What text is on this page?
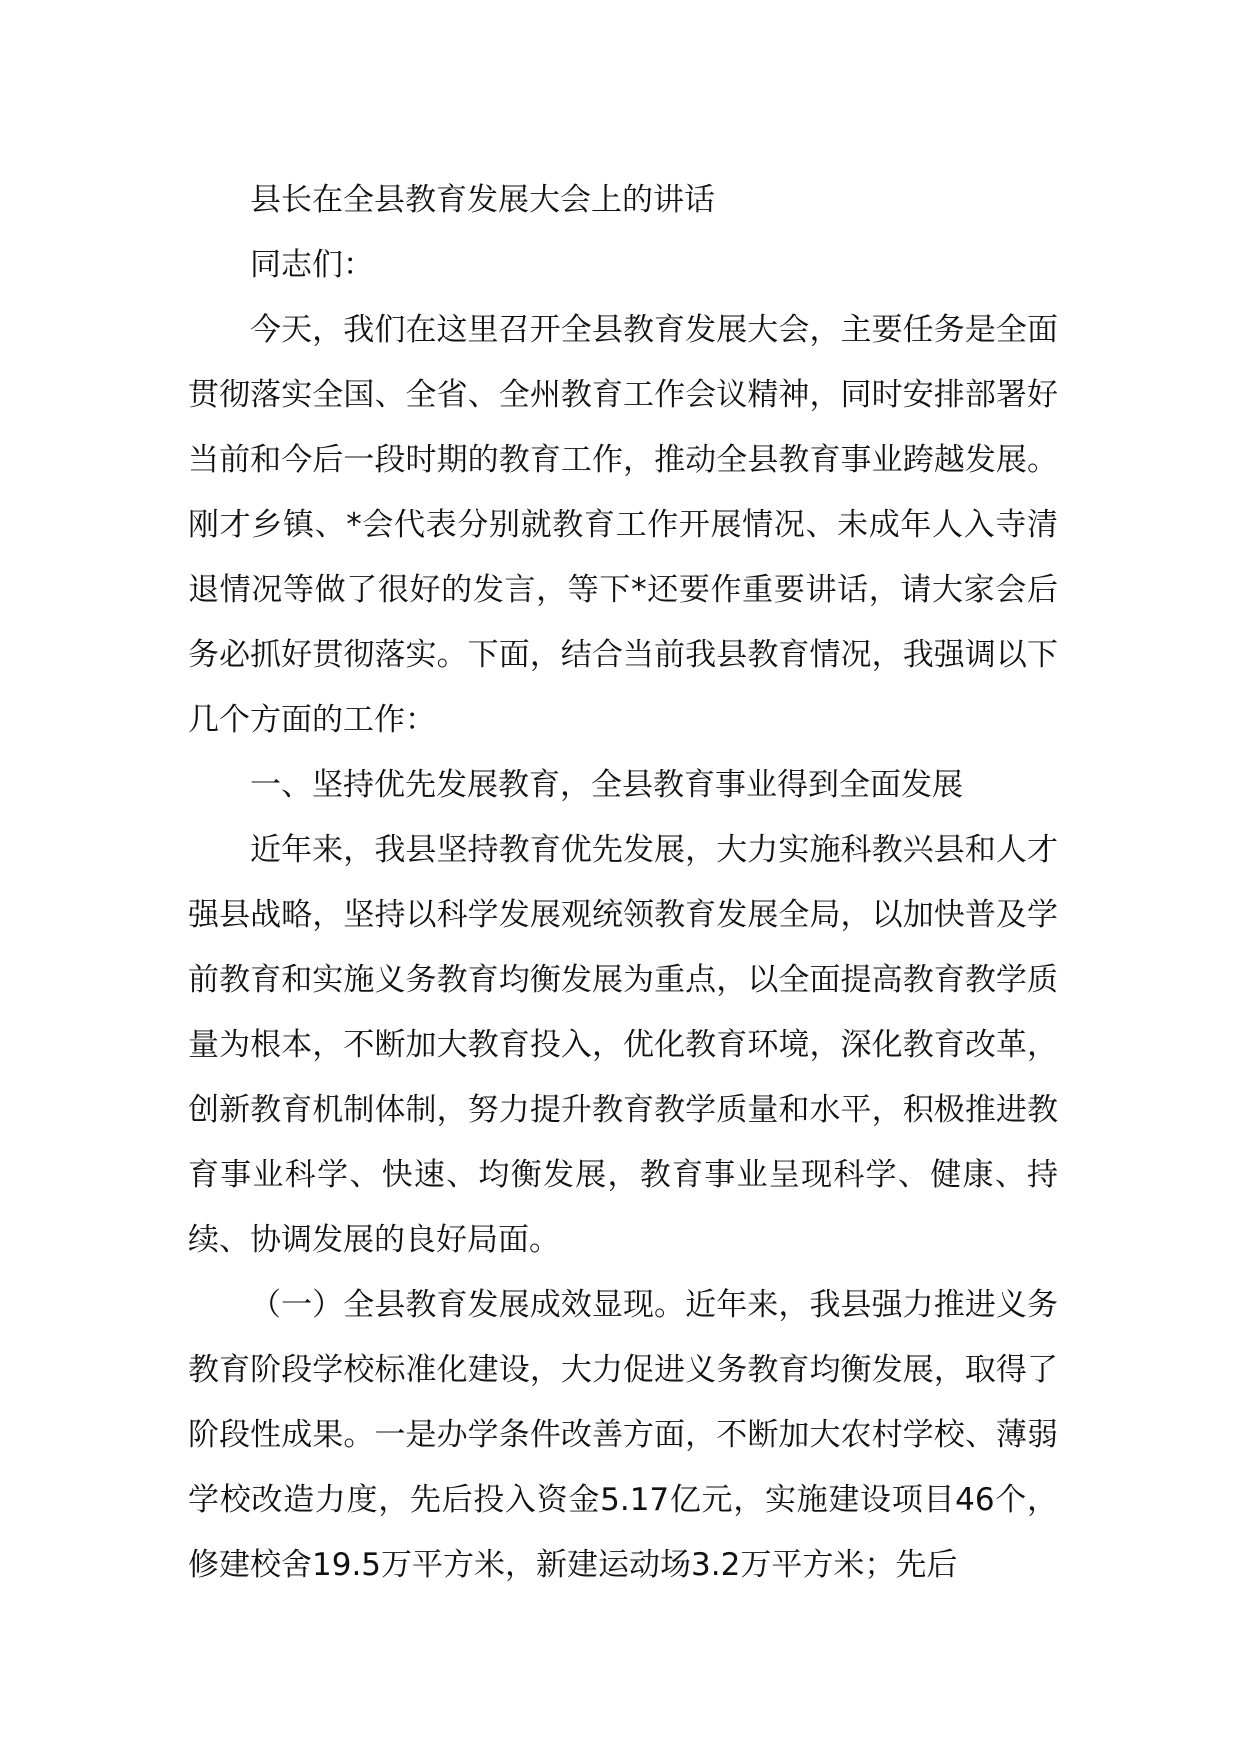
县长在全县教育发展大会上的讲话

同志们：

今天，我们在这里召开全县教育发展大会，主要任务是全面贯彻落实全国、全省、全州教育工作会议精神，同时安排部署好当前和今后一段时期的教育工作，推动全县教育事业跨越发展。刚才乡镇、*会代表分别就教育工作开展情况、未成年人入寺清退情况等做了很好的发言，等下*还要作重要讲话，请大家会后务必抓好贯彻落实。下面，结合当前我县教育情况，我强调以下几个方面的工作：

一、坚持优先发展教育，全县教育事业得到全面发展

近年来，我县坚持教育优先发展，大力实施科教兴县和人才强县战略，坚持以科学发展观统领教育发展全局，以加快普及学前教育和实施义务教育均衡发展为重点，以全面提高教育教学质量为根本，不断加大教育投入，优化教育环境，深化教育改革，创新教育机制体制，努力提升教育教学质量和水平，积极推进教育事业科学、快速、均衡发展，教育事业呈现科学、健康、持续、协调发展的良好局面。

（一）全县教育发展成效显现。近年来，我县强力推进义务教育阶段学校标准化建设，大力促进义务教育均衡发展，取得了阶段性成果。一是办学条件改善方面，不断加大农村学校、薄弱学校改造力度，先后投入资金5.17亿元，实施建设项目46个，修建校舍19.5万平方米，新建运动场3.2万平方米；先后
